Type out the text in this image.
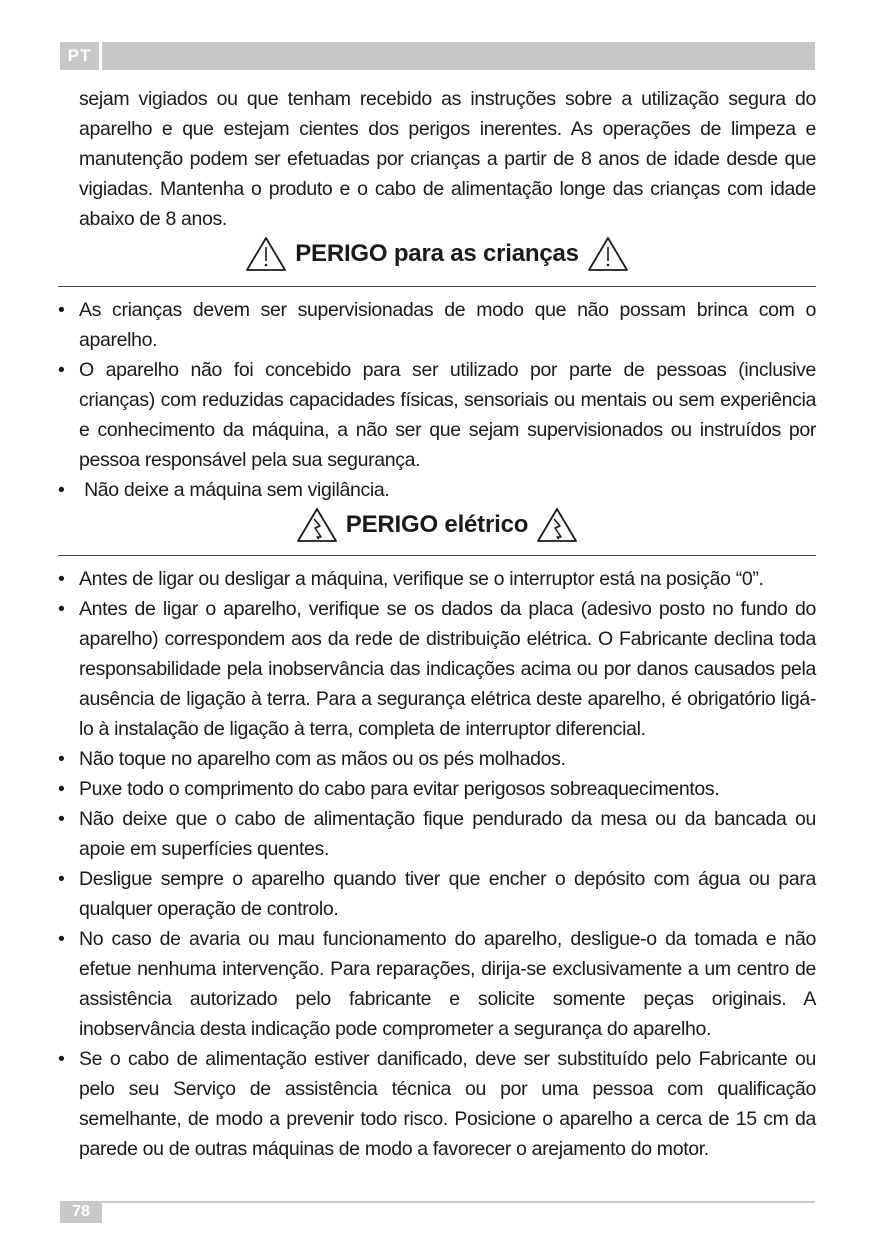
PT

sejam vigiados ou que tenham recebido as instruções sobre a utilização segura do aparelho e que estejam cientes dos perigos inerentes. As operações de limpeza e manutenção podem ser efetuadas por crianças a partir de 8 anos de idade desde que vigiadas. Mantenha o produto e o cabo de alimentação longe das crianças com idade abaixo de 8 anos.

PERIGO para as crianças
• As crianças devem ser supervisionadas de modo que não possam brinca com o aparelho.
• O aparelho não foi concebido para ser utilizado por parte de pessoas (inclusive crianças) com reduzidas capacidades físicas, sensoriais ou mentais ou sem experiência e conhecimento da máquina, a não ser que sejam supervisionados ou instruídos por pessoa responsável pela sua segurança.
• Não deixe a máquina sem vigilância.
PERIGO elétrico
• Antes de ligar ou desligar a máquina, verifique se o interruptor está na posição “0”.
• Antes de ligar o aparelho, verifique se os dados da placa (adesivo posto no fundo do aparelho) correspondem aos da rede de distribuição elétrica. O Fabricante declina toda responsabilidade pela inobservância das indicações acima ou por danos causados pela ausência de ligação à terra. Para a segurança elétrica deste aparelho, é obrigatório ligá-lo à instalação de ligação à terra, completa de interruptor diferencial.
• Não toque no aparelho com as mãos ou os pés molhados.
• Puxe todo o comprimento do cabo para evitar perigosos sobreaquecimentos.
• Não deixe que o cabo de alimentação fique pendurado da mesa ou da bancada ou apoie em superfícies quentes.
• Desligue sempre o aparelho quando tiver que encher o depósito com água ou para qualquer operação de controlo.
• No caso de avaria ou mau funcionamento do aparelho, desligue-o da tomada e não efetue nenhuma intervenção. Para reparações, dirija-se exclusivamente a um centro de assistência autorizado pelo fabricante e solicite somente peças originais. A inobservância desta indicação pode comprometer a segurança do aparelho.
• Se o cabo de alimentação estiver danificado, deve ser substituído pelo Fabricante ou pelo seu Serviço de assistência técnica ou por uma pessoa com qualificação semelhante, de modo a prevenir todo risco. Posicione o aparelho a cerca de 15 cm da parede ou de outras máquinas de modo a favorecer o arejamento do motor.
78
